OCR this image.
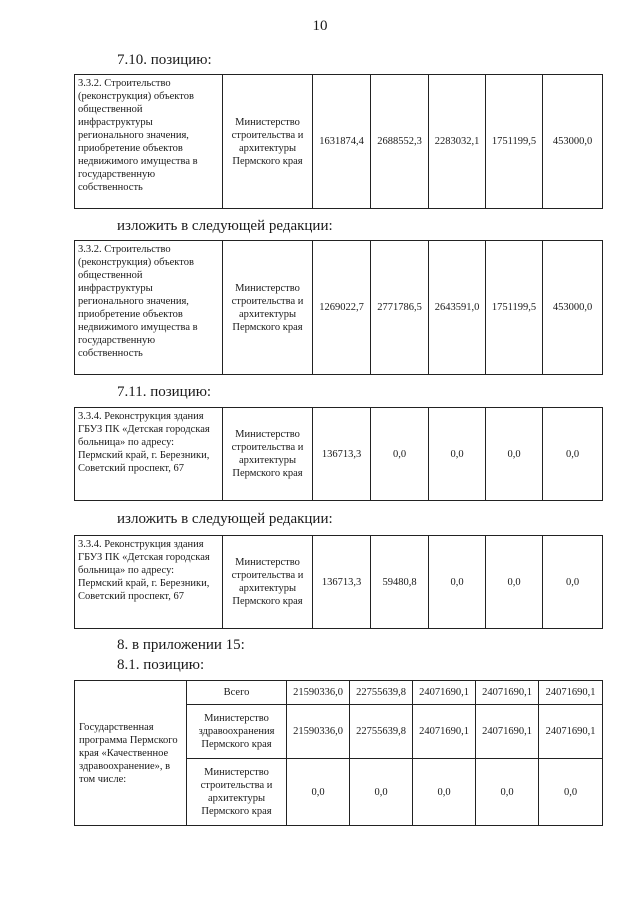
10
7.10. позицию:
3.3.2. Строительство (реконструкция) объектов общественной инфраструктуры регионального значения, приобретение объектов недвижимого имущества в государственную собственность	Министерство строительства и архитектуры Пермского края	1631874,4	2688552,3	2283032,1	1751199,5	453000,0
изложить в следующей редакции:
3.3.2. Строительство (реконструкция) объектов общественной инфраструктуры регионального значения, приобретение объектов недвижимого имущества в государственную собственность	Министерство строительства и архитектуры Пермского края	1269022,7	2771786,5	2643591,0	1751199,5	453000,0
7.11. позицию:
3.3.4. Реконструкция здания ГБУЗ ПК «Детская городская больница» по адресу: Пермский край, г. Березники, Советский проспект, 67	Министерство строительства и архитектуры Пермского края	136713,3	0,0	0,0	0,0	0,0
изложить в следующей редакции:
3.3.4. Реконструкция здания ГБУЗ ПК «Детская городская больница» по адресу: Пермский край, г. Березники, Советский проспект, 67	Министерство строительства и архитектуры Пермского края	136713,3	59480,8	0,0	0,0	0,0
8. в приложении 15:
8.1. позицию:
Государственная программа Пермского края «Качественное здравоохранение», в том числе:	Всего	21590336,0	22755639,8	24071690,1	24071690,1	24071690,1
	Министерство здравоохранения Пермского края	21590336,0	22755639,8	24071690,1	24071690,1	24071690,1
	Министерство строительства и архитектуры Пермского края	0,0	0,0	0,0	0,0	0,0
